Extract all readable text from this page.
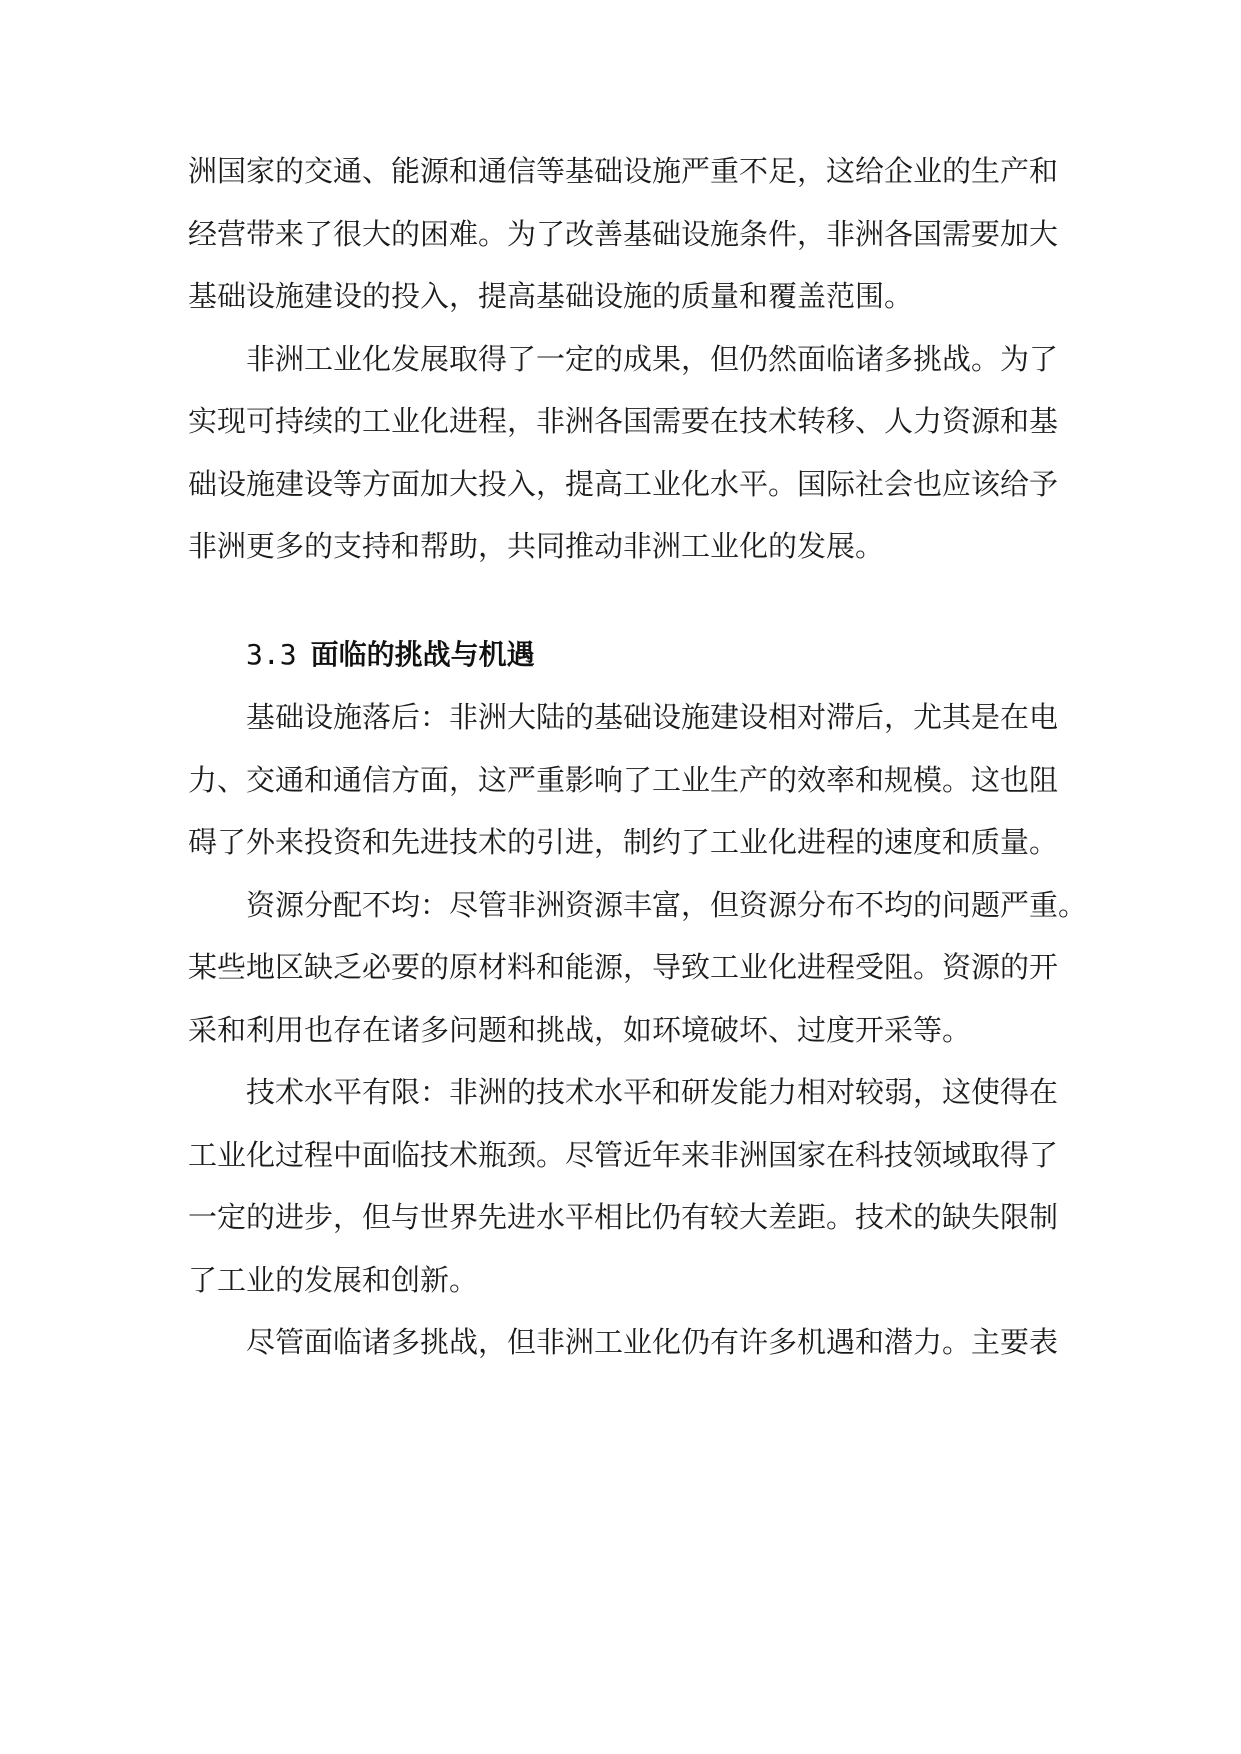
洲国家的交通、能源和通信等基础设施严重不足，这给企业的生产和
经营带来了很大的困难。为了改善基础设施条件，非洲各国需要加大
基础设施建设的投入，提高基础设施的质量和覆盖范围。
非洲工业化发展取得了一定的成果，但仍然面临诸多挑战。为了
实现可持续的工业化进程，非洲各国需要在技术转移、人力资源和基
础设施建设等方面加大投入，提高工业化水平。国际社会也应该给予
非洲更多的支持和帮助，共同推动非洲工业化的发展。
3.3 面临的挑战与机遇
基础设施落后：非洲大陆的基础设施建设相对滞后，尤其是在电
力、交通和通信方面，这严重影响了工业生产的效率和规模。这也阻
碍了外来投资和先进技术的引进，制约了工业化进程的速度和质量。
资源分配不均：尽管非洲资源丰富，但资源分布不均的问题严重。
某些地区缺乏必要的原材料和能源，导致工业化进程受阻。资源的开
采和利用也存在诸多问题和挑战，如环境破坏、过度开采等。
技术水平有限：非洲的技术水平和研发能力相对较弱，这使得在
工业化过程中面临技术瓶颈。尽管近年来非洲国家在科技领域取得了
一定的进步，但与世界先进水平相比仍有较大差距。技术的缺失限制
了工业的发展和创新。
尽管面临诸多挑战，但非洲工业化仍有许多机遇和潜力。主要表
